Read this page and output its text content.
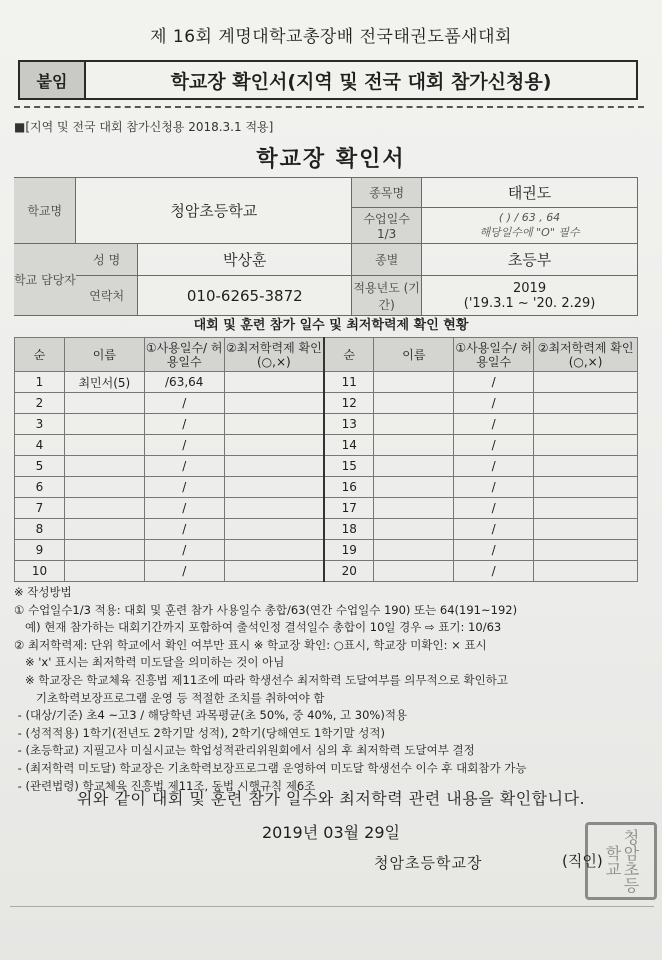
제 16회 계명대학교총장배 전국태권도품새대회
붙임	학교장 확인서(지역 및 전국 대회 참가신청용)
■[지역 및 전국 대회 참가신청용 2018.3.1 적용]
학교장 확인서
학교명	청암초등학교		종목명	태권도
			수업일수 1/3	( ) / 63 , 64
해당일수에 "O" 필수

학교 담당자	성 명	박상훈	종별	초등부
	연락처	010-6265-3872	적용년도 (기간)	2019
('19.3.1 ~ '20. 2.29)
대회 및 훈련 참가 일수 및 최저학력제 확인 현황
순	이름	①사용일수/ 허용일수	②최저학력제 확인(○,×)	순	이름	①사용일수/ 허용일수	②최저학력제 확인(○,×)
1	최민서(5)	/63,64		11		/	
2		/		12		/	
3		/		13		/	
4		/		14		/	
5		/		15		/	
6		/		16		/	
7		/		17		/	
8		/		18		/	
9		/		19		/	
10		/		20		/	
※ 작성방법
① 수업일수1/3 적용: 대회 및 훈련 참가 사용일수 총합/63(연간 수업일수 190) 또는 64(191~192)
예) 현재 참가하는 대회기간까지 포함하여 출석인정 결석일수 총합이 10일 경우 ⇨ 표기: 10/63
② 최저학력제: 단위 학교에서 확인 여부만 표시 ※ 학교장 확인: ○표시, 학교장 미확인: × 표시
※ 'x' 표시는 최저학력 미도달을 의미하는 것이 아님
※ 학교장은 학교체육 진흥법 제11조에 따라 학생선수 최저학력 도달여부를 의무적으로 확인하고
기초학력보장프로그램 운영 등 적절한 조치를 취하여야 함
- (대상/기준) 초4 ~고3 / 해당학년 과목평균(초 50%, 중 40%, 고 30%)적용
- (성적적용) 1학기(전년도 2학기말 성적), 2학기(당해연도 1학기말 성적)
- (초등학교) 지필고사 미실시교는 학업성적관리위원회에서 심의 후 최저학력 도달여부 결정
- (최저학력 미도달) 학교장은 기초학력보장프로그램 운영하여 미도달 학생선수 이수 후 대회참가 가능
- (관련법령) 학교체육 진흥법 제11조, 동법 시행규칙 제6조
위와 같이 대회 및 훈련 참가 일수와 최저학력 관련 내용을 확인합니다.
2019년 03월 29일
청암초등학교장	청암초등학교
(직인)
